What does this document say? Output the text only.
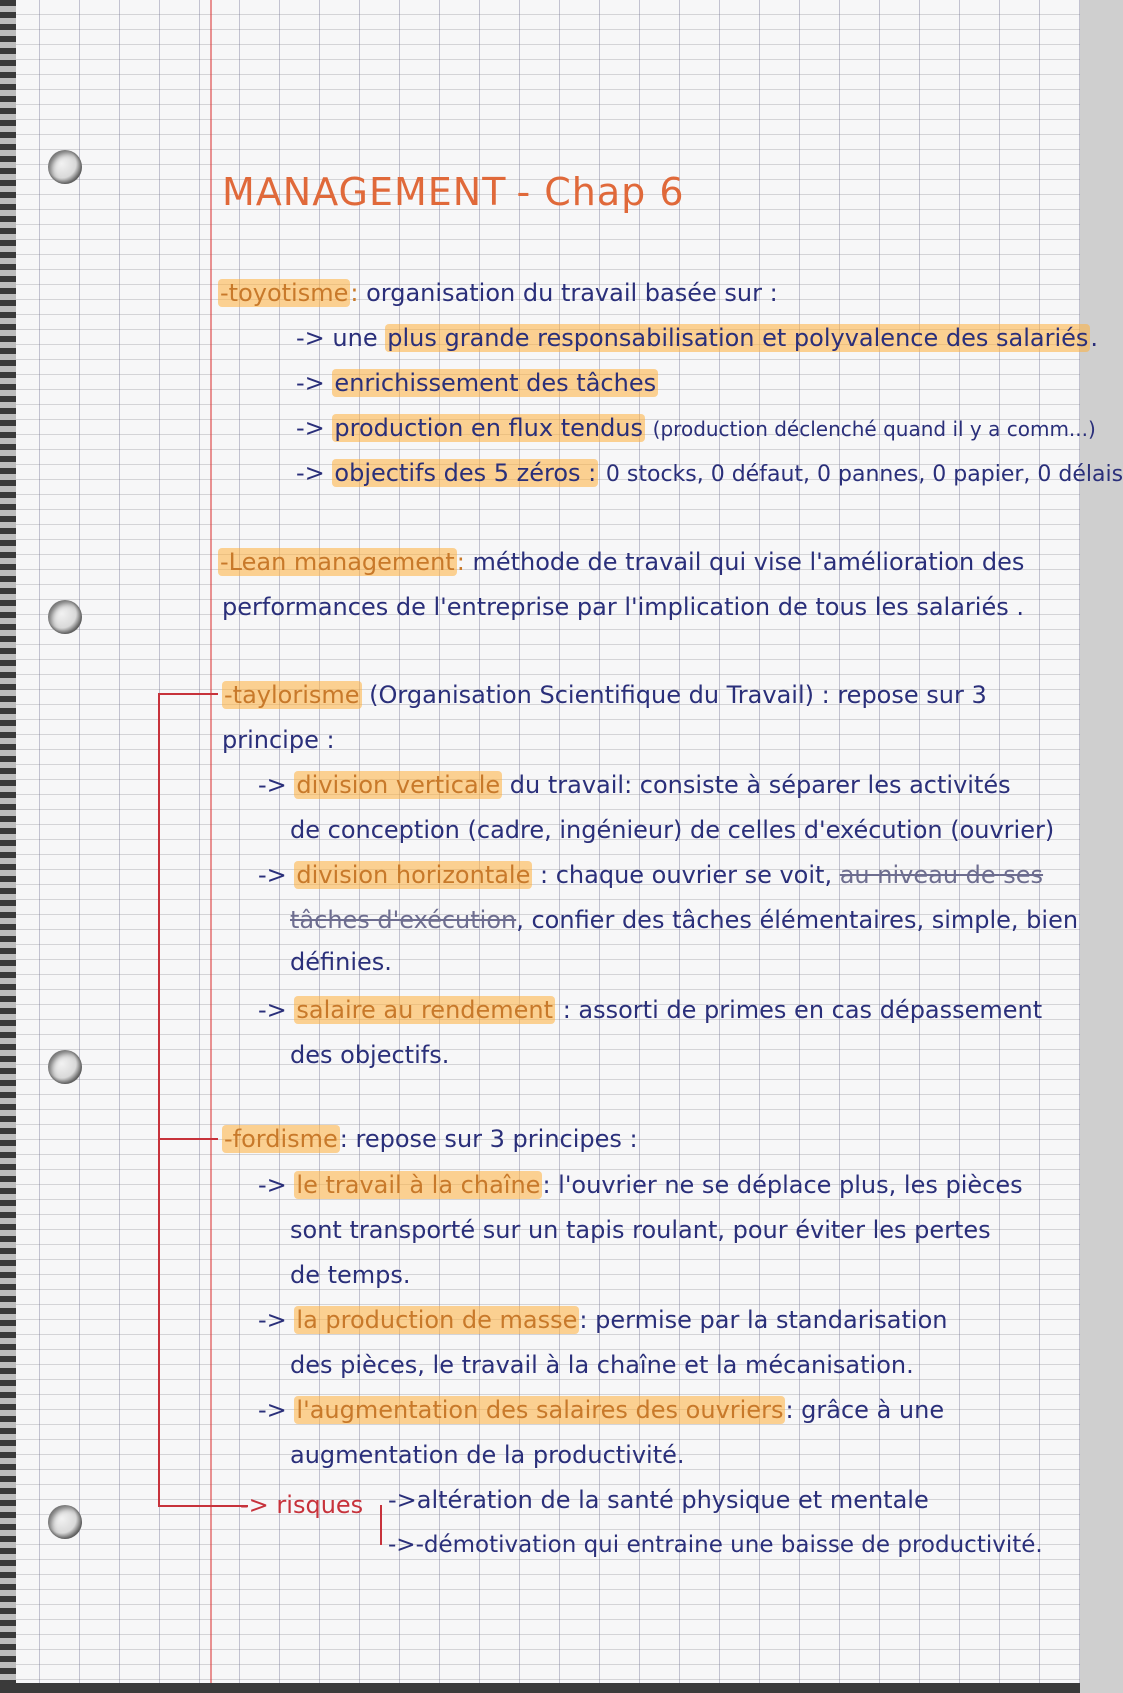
MANAGEMENT - Chap 6
-toyotisme: organisation du travail basée sur :
-> une plus grande responsabilisation et polyvalence des salariés.
-> enrichissement des tâches
-> production en flux tendus (production déclenché quand il y a comm...)
-> objectifs des 5 zéros : 0 stocks, 0 défaut, 0 pannes, 0 papier, 0 délais
-Lean management: méthode de travail qui vise l'amélioration des
performances de l'entreprise par l'implication de tous les salariés .
-taylorisme (Organisation Scientifique du Travail) : repose sur 3
principe :
-> division verticale du travail: consiste à séparer les activités
de conception (cadre, ingénieur) de celles d'exécution (ouvrier)
-> division horizontale : chaque ouvrier se voit, au niveau de ses
tâches d'exécution, confier des tâches élémentaires, simple, bien
définies.
-> salaire au rendement : assorti de primes en cas dépassement
des objectifs.
-fordisme: repose sur 3 principes :
-> le travail à la chaîne: l'ouvrier ne se déplace plus, les pièces
sont transporté sur un tapis roulant, pour éviter les pertes
de temps.
-> la production de masse: permise par la standarisation
des pièces, le travail à la chaîne et la mécanisation.
-> l'augmentation des salaires des ouvriers: grâce à une
augmentation de la productivité.
-> risques ->altération de la santé physique et mentale
->-démotivation qui entraine une baisse de productivité.
